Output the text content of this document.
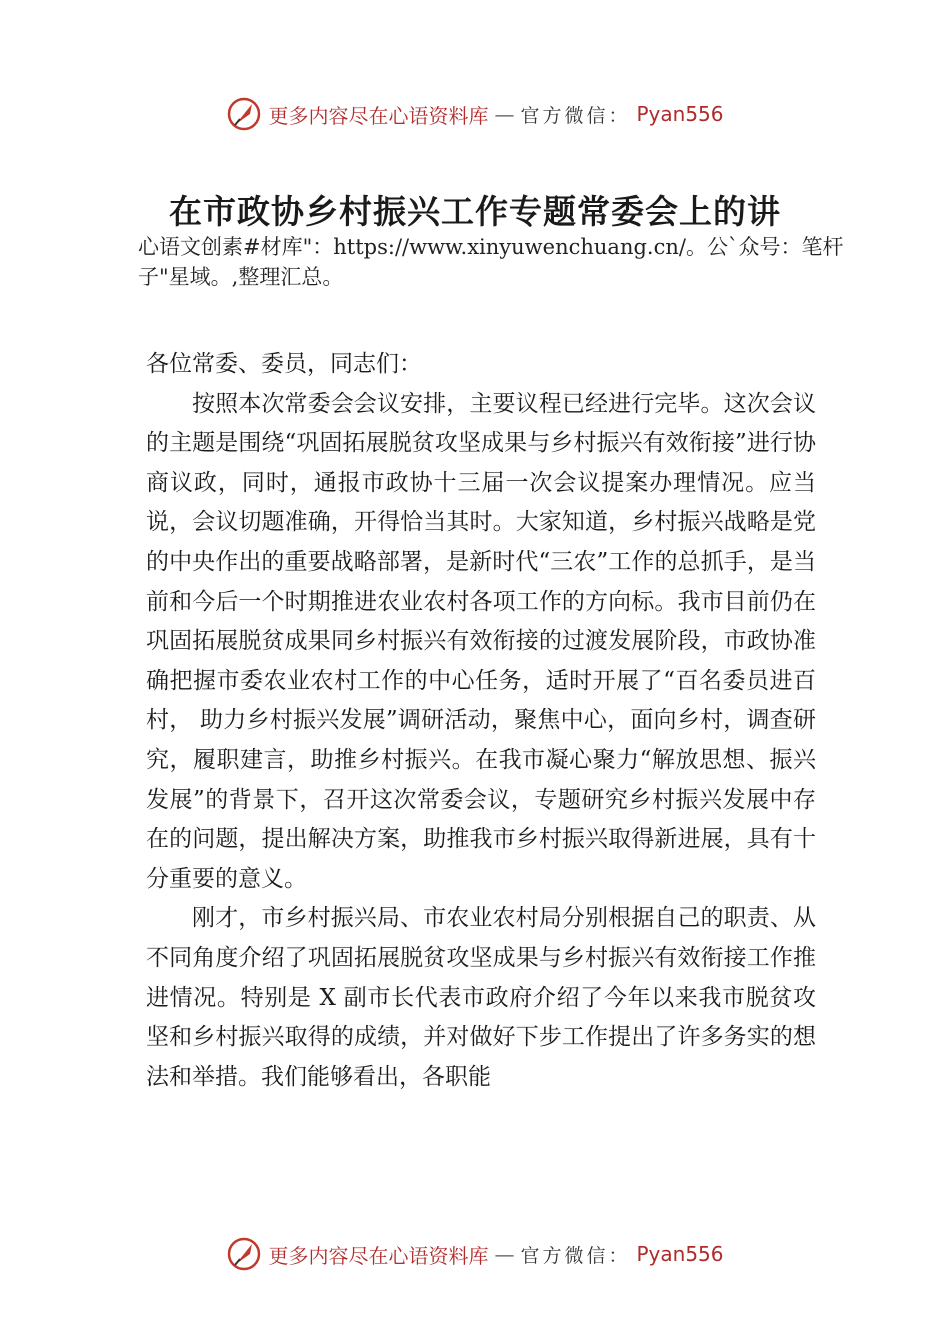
更多内容尽在心语资料库 — 官方微信： Pyan556
在市政协乡村振兴工作专题常委会上的讲
心语文创素#材库"：https://www.xinyuwenchuang.cn/。公`众号：笔杆子"星域。,整理汇总。

各位常委、委员，同志们：

按照本次常委会会议安排，主要议程已经进行完毕。这次会议的主题是围绕“巩固拓展脱贫攻坚成果与乡村振兴有效衔接”进行协商议政，同时，通报市政协十三届一次会议提案办理情况。应当说，会议切题准确，开得恰当其时。大家知道，乡村振兴战略是党的中央作出的重要战略部署，是新时代“三农”工作的总抓手，是当前和今后一个时期推进农业农村各项工作的方向标。我市目前仍在巩固拓展脱贫成果同乡村振兴有效衔接的过渡发展阶段，市政协准确把握市委农业农村工作的中心任务，适时开展了“百名委员进百村， 助力乡村振兴发展”调研活动，聚焦中心，面向乡村，调查研究，履职建言，助推乡村振兴。在我市凝心聚力“解放思想、振兴发展”的背景下，召开这次常委会议，专题研究乡村振兴发展中存在的问题，提出解决方案，助推我市乡村振兴取得新进展，具有十分重要的意义。

刚才，市乡村振兴局、市农业农村局分别根据自己的职责、从不同角度介绍了巩固拓展脱贫攻坚成果与乡村振兴有效衔接工作推进情况。特别是 X 副市长代表市政府介绍了今年以来我市脱贫攻坚和乡村振兴取得的成绩，并对做好下步工作提出了许多务实的想法和举措。我们能够看出，各职能

更多内容尽在心语资料库 — 官方微信： Pyan556
